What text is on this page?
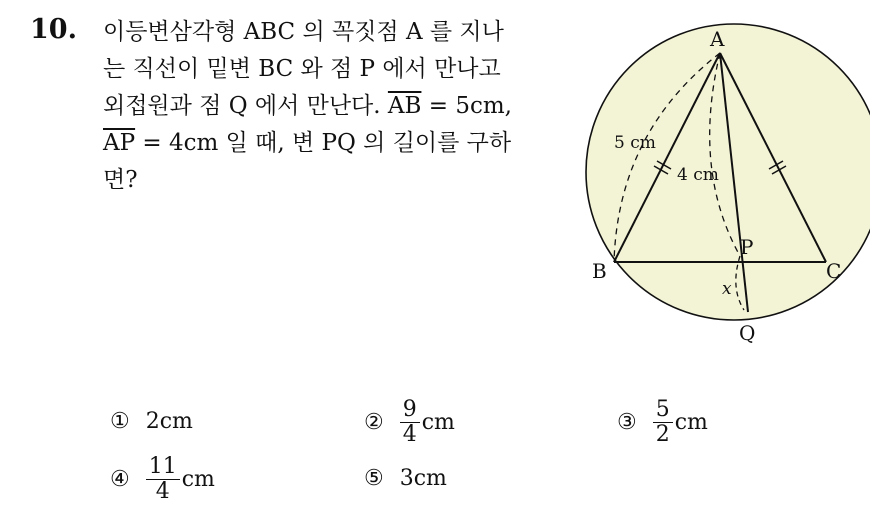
10. 이등변삼각형 ABC 의 꼭짓점 A 를 지나
는 직선이 밑변 BC 와 점 P 에서 만나고
외접원과 점 Q 에서 만난다. $\overline{AB} = 5cm$,
$\overline{AP} = 4cm$ 일 때, 변 PQ 의 길이를 구하
면?
A
B	C
P
Q
5 cm
4 cm
x
① 2cm	② $\frac{9}{4}$ cm	③ $\frac{5}{2}$ cm
④ $\frac{11}{4}$ cm	⑤ 3cm
